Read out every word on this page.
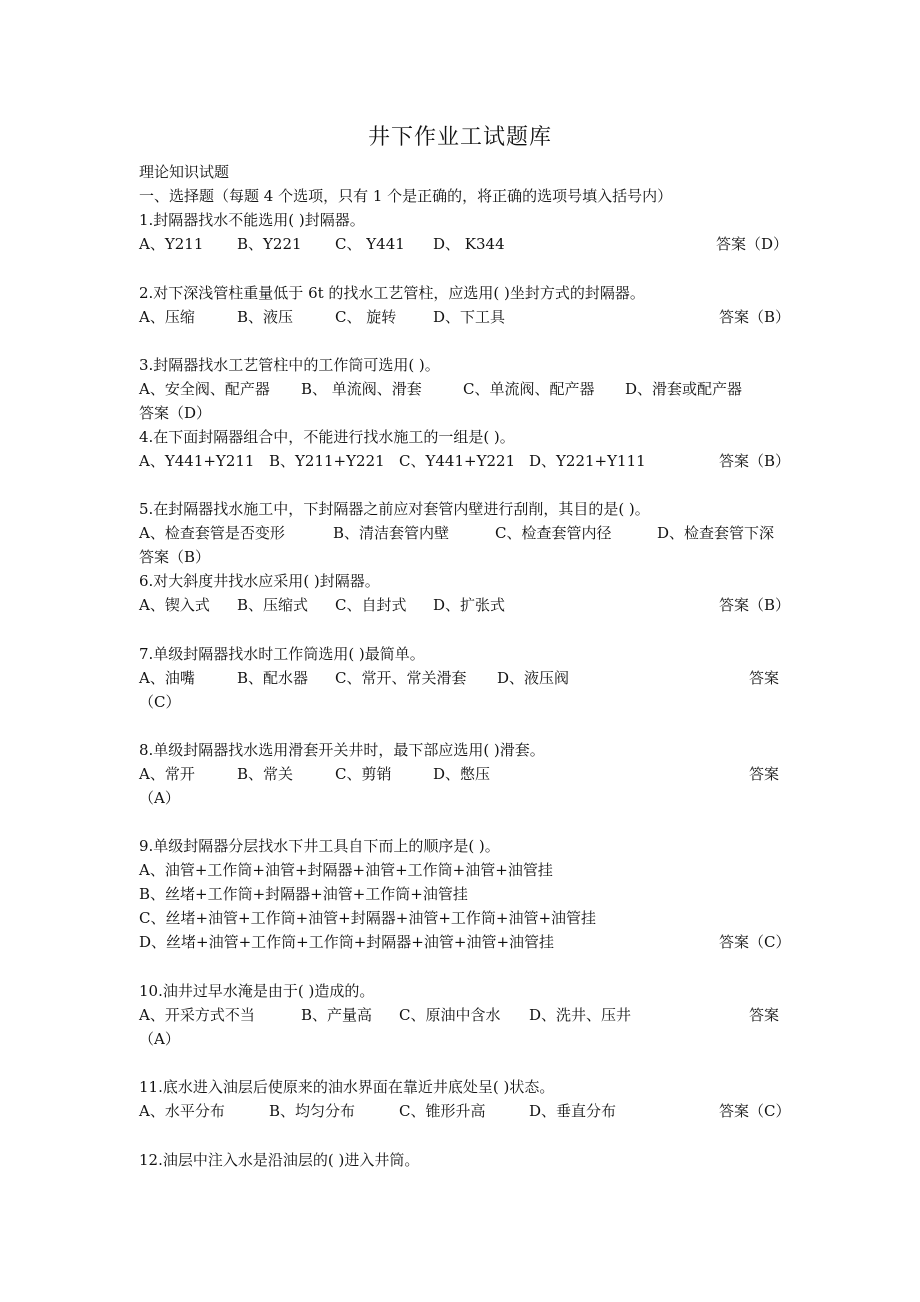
井下作业工试题库
理论知识试题
一、选择题（每题 4 个选项，只有 1 个是正确的，将正确的选项号填入括号内）
1.封隔器找水不能选用( )封隔器。
A、Y211	B、Y221	C、 Y441	D、 K344	答案（D）
2.对下深浅管柱重量低于 6t 的找水工艺管柱，应选用( )坐封方式的封隔器。
A、压缩	B、液压	C、 旋转	D、下工具	答案（B）
3.封隔器找水工艺管柱中的工作筒可选用( )。
A、安全阀、配产器	B、 单流阀、滑套	C、单流阀、配产器	D、滑套或配产器
答案（D）
4.在下面封隔器组合中，不能进行找水施工的一组是( )。
A、Y441+Y211 B、Y211+Y221 C、Y441+Y221 D、Y221+Y111	答案（B）
5.在封隔器找水施工中，下封隔器之前应对套管内壁进行刮削，其目的是( )。
A、检查套管是否变形	B、清洁套管内壁	C、检查套管内径	D、检查套管下深
答案（B）
6.对大斜度井找水应采用( )封隔器。
A、锲入式	B、压缩式	C、自封式	D、扩张式	答案（B）
7.单级封隔器找水时工作筒选用( )最简单。
A、油嘴	B、配水器	C、常开、常关滑套	D、液压阀	答案
（C）
8.单级封隔器找水选用滑套开关井时，最下部应选用( )滑套。
A、常开	B、常关	C、剪销	D、憋压	答案
（A）
9.单级封隔器分层找水下井工具自下而上的顺序是( )。
A、油管+工作筒+油管+封隔器+油管+工作筒+油管+油管挂
B、丝堵+工作筒+封隔器+油管+工作筒+油管挂
C、丝堵+油管+工作筒+油管+封隔器+油管+工作筒+油管+油管挂
D、丝堵+油管+工作筒+工作筒+封隔器+油管+油管+油管挂	答案（C）
10.油井过早水淹是由于( )造成的。
A、开采方式不当	B、产量高	C、原油中含水	D、洗井、压井	答案
（A）
11.底水进入油层后使原来的油水界面在靠近井底处呈( )状态。
A、水平分布	B、均匀分布	C、锥形升高	D、垂直分布	答案（C）
12.油层中注入水是沿油层的( )进入井筒。
